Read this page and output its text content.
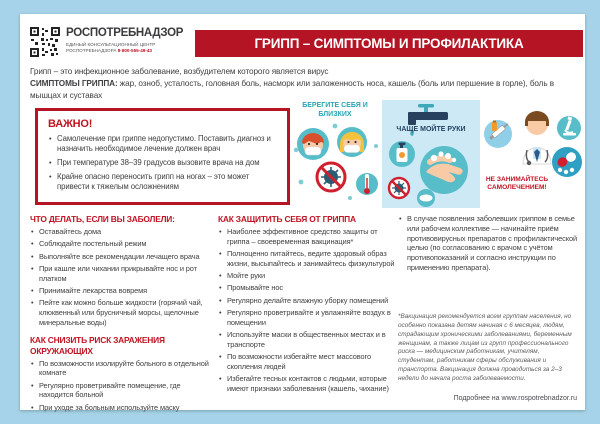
РОСПОТРЕБНАДЗОР
ЕДИНЫЙ КОНСУЛЬТАЦИОННЫЙ ЦЕНТР
РОСПОТРЕБНАДЗОРА 8-800-555-49-43	ГРИПП – СИМПТОМЫ И ПРОФИЛАКТИКА
Грипп – это инфекционное заболевание, возбудителем которого является вирус
СИМПТОМЫ ГРИППА: жар, озноб, усталость, головная боль, насморк или заложенность носа, кашель (боль или першение в горле), боль в мышцах и суставах
ВАЖНО!
• Самолечение при гриппе недопустимо. Поставить диагноз и назначить необходимое лечение должен врач
• При температуре 38–39 градусов вызовите врача на дом
• Крайне опасно переносить грипп на ногах – это может привести к тяжелым осложнениям
БЕРЕГИТЕ СЕБЯ И БЛИЗКИХ
ЧАЩЕ МОЙТЕ РУКИ
НЕ ЗАНИМАЙТЕСЬ САМОЛЕЧЕНИЕМ!
ЧТО ДЕЛАТЬ, ЕСЛИ ВЫ ЗАБОЛЕЛИ:
• Оставайтесь дома
• Соблюдайте постельный режим
• Выполняйте все рекомендации лечащего врача
• При кашле или чихании прикрывайте нос и рот платком
• Принимайте лекарства вовремя
• Пейте как можно больше жидкости (горячий чай, клюквенный или брусничный морсы, щелочные минеральные воды)
КАК СНИЗИТЬ РИСК ЗАРАЖЕНИЯ ОКРУЖАЮЩИХ
• По возможности изолируйте больного в отдельной комнате
• Регулярно проветривайте помещение, где находится больной
• При уходе за больным используйте маску
КАК ЗАЩИТИТЬ СЕБЯ ОТ ГРИППА
• Наиболее эффективное средство защиты от гриппа – своевременная вакцинация*
• Полноценно питайтесь, ведите здоровый образ жизни, высыпайтесь и занимайтесь физкультурой
• Мойте руки
• Промывайте нос
• Регулярно делайте влажную уборку помещений
• Регулярно проветривайте и увлажняйте воздух в помещении
• Используйте маски в общественных местах и в транспорте
• По возможности избегайте мест массового скопления людей
• Избегайте тесных контактов с людьми, которые имеют признаки заболевания (кашель, чихание)
• В случае появления заболевших гриппом в семье или рабочем коллективе — начинайте приём противовирусных препаратов с профилактической целью (по согласованию с врачом с учётом противопоказаний и согласно инструкции по применению препарата).
*Вакцинация рекомендуется всем группам населения, но особенно показана детям начиная с 6 месяцев, людям, страдающим хроническими заболеваниями, беременным женщинам, а также лицам из групп профессионального риска — медицинским работникам, учителям, студентам, работникам сферы обслуживания и транспорта. Вакцинация должна проводиться за 2–3 недели до начала роста заболеваемости.
Подробнее на www.rospotrebnadzor.ru
